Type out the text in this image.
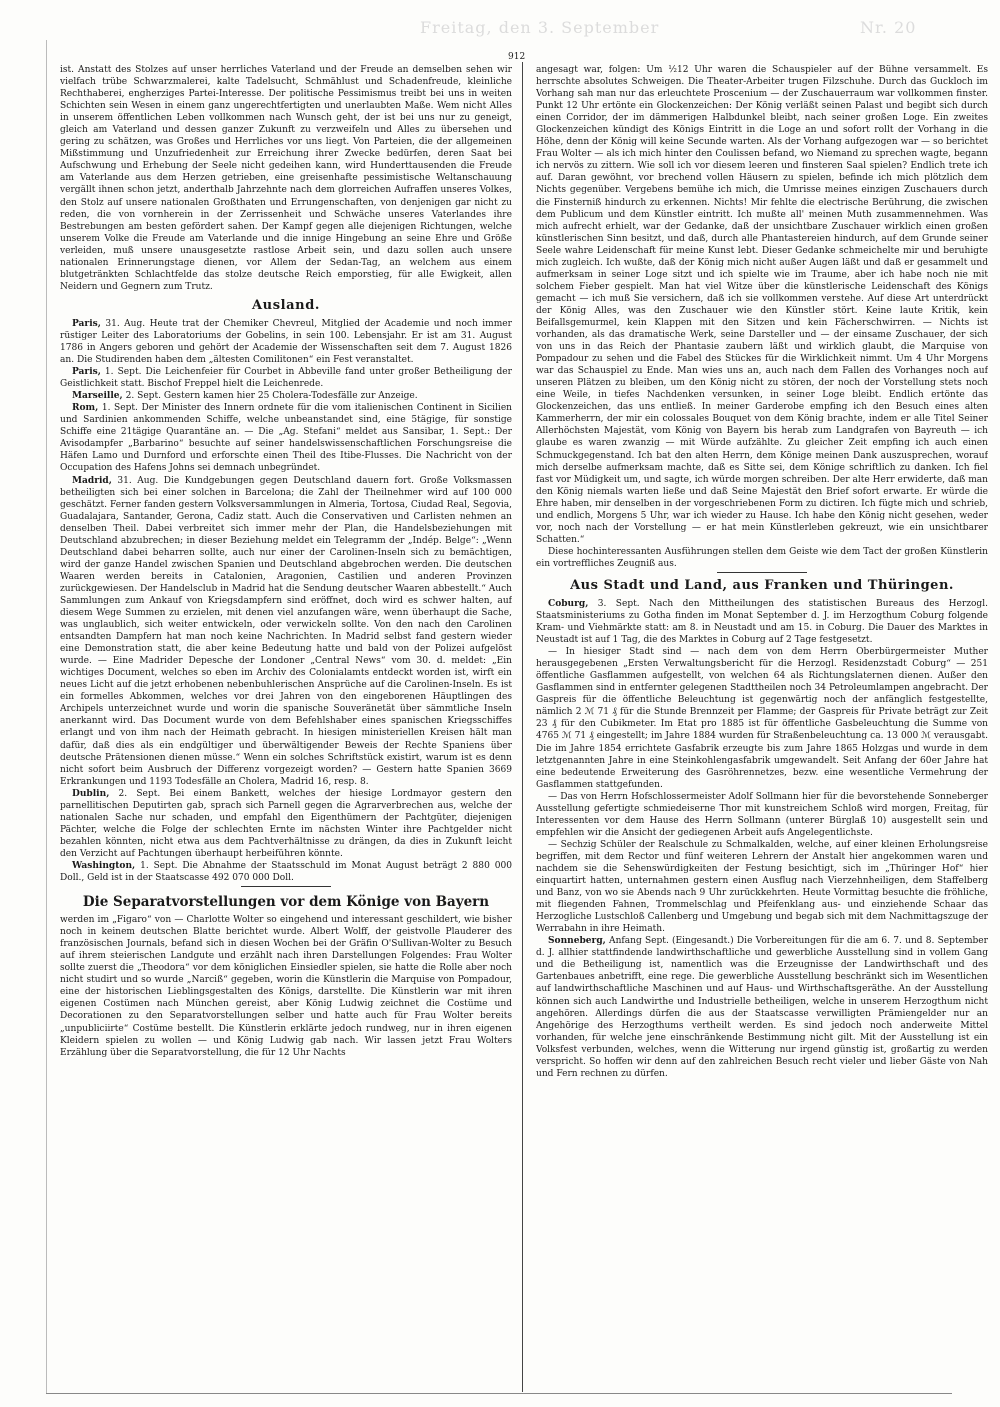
Freitag, den 3. September	Nr. 20
912

ist. Anstatt des Stolzes auf unser herrliches Vaterland und der Freude an demselben sehen wir vielfach trübe Schwarzmalerei, kalte Tadelsucht, Schmählust und Schadenfreude, kleinliche Rechthaberei, engherziges Partei-Interesse. Der politische Pessimismus treibt bei uns in weiten Schichten sein Wesen in einem ganz ungerechtfertigten und unerlaubten Maße. Wem nicht Alles in unserem öffentlichen Leben vollkommen nach Wunsch geht, der ist bei uns nur zu geneigt, gleich am Vaterland und dessen ganzer Zukunft zu verzweifeln und Alles zu übersehen und gering zu schätzen, was Großes und Herrliches vor uns liegt. Von Parteien, die der allgemeinen Mißstimmung und Unzufriedenheit zur Erreichung ihrer Zwecke bedürfen, deren Saat bei Aufschwung und Erhebung der Seele nicht gedeihen kann, wird Hunderttausenden die Freude am Vaterlande aus dem Herzen getrieben, eine greisenhafte pessimistische Weltanschauung vergällt ihnen schon jetzt, anderthalb Jahrzehnte nach dem glorreichen Aufraffen unseres Volkes, den Stolz auf unsere nationalen Großthaten und Errungenschaften, von denjenigen gar nicht zu reden, die von vornherein in der Zerrissenheit und Schwäche unseres Vaterlandes ihre Bestrebungen am besten gefördert sahen. Der Kampf gegen alle diejenigen Richtungen, welche unserem Volke die Freude am Vaterlande und die innige Hingebung an seine Ehre und Größe verleiden, muß unsere unausgesetzte rastlose Arbeit sein, und dazu sollen auch unsere nationalen Erinnerungstage dienen, vor Allem der Sedan-Tag, an welchem aus einem blutgetränkten Schlachtfelde das stolze deutsche Reich emporstieg, für alle Ewigkeit, allen Neidern und Gegnern zum Trutz.

Ausland.

Paris, 31. Aug. Heute trat der Chemiker Chevreul, Mitglied der Academie und noch immer rüstiger Leiter des Laboratoriums der Gobelins, in sein 100. Lebensjahr. Er ist am 31. August 1786 in Angers geboren und gehört der Academie der Wissenschaften seit dem 7. August 1826 an. Die Studirenden haben dem „ältesten Comilitonen“ ein Fest veranstaltet.

Paris, 1. Sept. Die Leichenfeier für Courbet in Abbeville fand unter großer Betheiligung der Geistlichkeit statt. Bischof Freppel hielt die Leichenrede.

Marseille, 2. Sept. Gestern kamen hier 25 Cholera-Todesfälle zur Anzeige.

Rom, 1. Sept. Der Minister des Innern ordnete für die vom italienischen Continent in Sicilien und Sardinien ankommenden Schiffe, welche unbeanstandet sind, eine 5tägige, für sonstige Schiffe eine 21tägige Quarantäne an. — Die „Ag. Stefani“ meldet aus Sansibar, 1. Sept.: Der Avisodampfer „Barbarino“ besuchte auf seiner handelswissenschaftlichen Forschungsreise die Häfen Lamo und Durnford und erforschte einen Theil des Itibe-Flusses. Die Nachricht von der Occupation des Hafens Johns sei demnach unbegründet.

Madrid, 31. Aug. Die Kundgebungen gegen Deutschland dauern fort. Große Volksmassen betheiligten sich bei einer solchen in Barcelona; die Zahl der Theilnehmer wird auf 100 000 geschätzt. Ferner fanden gestern Volksversammlungen in Almeria, Tortosa, Ciudad Real, Segovia, Guadalajara, Santander, Gerona, Cadiz statt. Auch die Conservativen und Carlisten nehmen an denselben Theil. Dabei verbreitet sich immer mehr der Plan, die Handelsbeziehungen mit Deutschland abzubrechen; in dieser Beziehung meldet ein Telegramm der „Indép. Belge“: „Wenn Deutschland dabei beharren sollte, auch nur einer der Carolinen-Inseln sich zu bemächtigen, wird der ganze Handel zwischen Spanien und Deutschland abgebrochen werden. Die deutschen Waaren werden bereits in Catalonien, Aragonien, Castilien und anderen Provinzen zurückgewiesen. Der Handelsclub in Madrid hat die Sendung deutscher Waaren abbestellt.“ Auch Sammlungen zum Ankauf von Kriegsdampfern sind eröffnet, doch wird es schwer halten, auf diesem Wege Summen zu erzielen, mit denen viel anzufangen wäre, wenn überhaupt die Sache, was unglaublich, sich weiter entwickeln, oder verwickeln sollte. Von den nach den Carolinen entsandten Dampfern hat man noch keine Nachrichten. In Madrid selbst fand gestern wieder eine Demonstration statt, die aber keine Bedeutung hatte und bald von der Polizei aufgelöst wurde. — Eine Madrider Depesche der Londoner „Central News“ vom 30. d. meldet: „Ein wichtiges Document, welches so eben im Archiv des Colonialamts entdeckt worden ist, wirft ein neues Licht auf die jetzt erhobenen nebenbuhlerischen Ansprüche auf die Carolinen-Inseln. Es ist ein formelles Abkommen, welches vor drei Jahren von den eingeborenen Häuptlingen des Archipels unterzeichnet wurde und worin die spanische Souveränetät über sämmtliche Inseln anerkannt wird. Das Document wurde von dem Befehlshaber eines spanischen Kriegsschiffes erlangt und von ihm nach der Heimath gebracht. In hiesigen ministeriellen Kreisen hält man dafür, daß dies als ein endgültiger und überwältigender Beweis der Rechte Spaniens über deutsche Prätensionen dienen müsse.“ Wenn ein solches Schriftstück existirt, warum ist es denn nicht sofort beim Ausbruch der Differenz vorgezeigt worden? — Gestern hatte Spanien 3669 Erkrankungen und 1193 Todesfälle an Cholera, Madrid 16, resp. 8.

Dublin, 2. Sept. Bei einem Bankett, welches der hiesige Lordmayor gestern den parnellitischen Deputirten gab, sprach sich Parnell gegen die Agrarverbrechen aus, welche der nationalen Sache nur schaden, und empfahl den Eigenthümern der Pachtgüter, diejenigen Pächter, welche die Folge der schlechten Ernte im nächsten Winter ihre Pachtgelder nicht bezahlen könnten, nicht etwa aus dem Pachtverhältnisse zu drängen, da dies in Zukunft leicht den Verzicht auf Pachtungen überhaupt herbeiführen könnte.

Washington, 1. Sept. Die Abnahme der Staatsschuld im Monat August beträgt 2 880 000 Doll., Geld ist in der Staatscasse 492 070 000 Doll.

Die Separatvorstellungen vor dem Könige von Bayern

werden im „Figaro“ von — Charlotte Wolter so eingehend und interessant geschildert, wie bisher noch in keinem deutschen Blatte berichtet wurde. Albert Wolff, der geistvolle Plauderer des französischen Journals, befand sich in diesen Wochen bei der Gräfin O'Sullivan-Wolter zu Besuch auf ihrem steierischen Landgute und erzählt nach ihren Darstellungen Folgendes: Frau Wolter sollte zuerst die „Theodora“ vor dem königlichen Einsiedler spielen, sie hatte die Rolle aber noch nicht studirt und so wurde „Narciß“ gegeben, worin die Künstlerin die Marquise von Pompadour, eine der historischen Lieblingsgestalten des Königs, darstellte. Die Künstlerin war mit ihren eigenen Costümen nach München gereist, aber König Ludwig zeichnet die Costüme und Decorationen zu den Separatvorstellungen selber und hatte auch für Frau Wolter bereits „unpubliciirte“ Costüme bestellt. Die Künstlerin erklärte jedoch rundweg, nur in ihren eigenen Kleidern spielen zu wollen — und König Ludwig gab nach. Wir lassen jetzt Frau Wolters Erzählung über die Separatvorstellung, die für 12 Uhr Nachts

angesagt war, folgen: Um ½12 Uhr waren die Schauspieler auf der Bühne versammelt. Es herrschte absolutes Schweigen. Die Theater-Arbeiter trugen Filzschuhe. Durch das Guckloch im Vorhang sah man nur das erleuchtete Proscenium — der Zuschauerraum war vollkommen finster. Punkt 12 Uhr ertönte ein Glockenzeichen: Der König verläßt seinen Palast und begibt sich durch einen Corridor, der im dämmerigen Halbdunkel bleibt, nach seiner großen Loge. Ein zweites Glockenzeichen kündigt des Königs Eintritt in die Loge an und sofort rollt der Vorhang in die Höhe, denn der König will keine Secunde warten. Als der Vorhang aufgezogen war — so berichtet Frau Wolter — als ich mich hinter den Coulissen befand, wo Niemand zu sprechen wagte, begann ich nervös zu zittern. Wie soll ich vor diesem leeren und finsteren Saal spielen? Endlich trete ich auf. Daran gewöhnt, vor brechend vollen Häusern zu spielen, befinde ich mich plötzlich dem Nichts gegenüber. Vergebens bemühe ich mich, die Umrisse meines einzigen Zuschauers durch die Finsterniß hindurch zu erkennen. Nichts! Mir fehlte die electrische Berührung, die zwischen dem Publicum und dem Künstler eintritt. Ich mußte all' meinen Muth zusammennehmen. Was mich aufrecht erhielt, war der Gedanke, daß der unsichtbare Zuschauer wirklich einen großen künstlerischen Sinn besitzt, und daß, durch alle Phantastereien hindurch, auf dem Grunde seiner Seele wahre Leidenschaft für meine Kunst lebt. Dieser Gedanke schmeichelte mir und beruhigte mich zugleich. Ich wußte, daß der König mich nicht außer Augen läßt und daß er gesammelt und aufmerksam in seiner Loge sitzt und ich spielte wie im Traume, aber ich habe noch nie mit solchem Fieber gespielt. Man hat viel Witze über die künstlerische Leidenschaft des Königs gemacht — ich muß Sie versichern, daß ich sie vollkommen verstehe. Auf diese Art unterdrückt der König Alles, was den Zuschauer wie den Künstler stört. Keine laute Kritik, kein Beifallsgemurmel, kein Klappen mit den Sitzen und kein Fächerschwirren. — Nichts ist vorhanden, als das dramatische Werk, seine Darsteller und — der einsame Zuschauer, der sich von uns in das Reich der Phantasie zaubern läßt und wirklich glaubt, die Marquise von Pompadour zu sehen und die Fabel des Stückes für die Wirklichkeit nimmt. Um 4 Uhr Morgens war das Schauspiel zu Ende. Man wies uns an, auch nach dem Fallen des Vorhanges noch auf unseren Plätzen zu bleiben, um den König nicht zu stören, der noch der Vorstellung stets noch eine Weile, in tiefes Nachdenken versunken, in seiner Loge bleibt. Endlich ertönte das Glockenzeichen, das uns entließ. In meiner Garderobe empfing ich den Besuch eines alten Kammerherrn, der mir ein colossales Bouquet von dem König brachte, indem er alle Titel Seiner Allerhöchsten Majestät, vom König von Bayern bis herab zum Landgrafen von Bayreuth — ich glaube es waren zwanzig — mit Würde aufzählte. Zu gleicher Zeit empfing ich auch einen Schmuckgegenstand. Ich bat den alten Herrn, dem Könige meinen Dank auszusprechen, worauf mich derselbe aufmerksam machte, daß es Sitte sei, dem Könige schriftlich zu danken. Ich fiel fast vor Müdigkeit um, und sagte, ich würde morgen schreiben. Der alte Herr erwiderte, daß man den König niemals warten ließe und daß Seine Majestät den Brief sofort erwarte. Er würde die Ehre haben, mir denselben in der vorgeschriebenen Form zu dictiren. Ich fügte mich und schrieb, und endlich, Morgens 5 Uhr, war ich wieder zu Hause. Ich habe den König nicht gesehen, weder vor, noch nach der Vorstellung — er hat mein Künstlerleben gekreuzt, wie ein unsichtbarer Schatten.“

Diese hochinteressanten Ausführungen stellen dem Geiste wie dem Tact der großen Künstlerin ein vortreffliches Zeugniß aus.

Aus Stadt und Land, aus Franken und Thüringen.

Coburg, 3. Sept. Nach den Mittheilungen des statistischen Bureaus des Herzogl. Staatsministeriums zu Gotha finden im Monat September d. J. im Herzogthum Coburg folgende Kram- und Viehmärkte statt: am 8. in Neustadt und am 15. in Coburg. Die Dauer des Marktes in Neustadt ist auf 1 Tag, die des Marktes in Coburg auf 2 Tage festgesetzt.

— In hiesiger Stadt sind — nach dem von dem Herrn Oberbürgermeister Muther herausgegebenen „Ersten Verwaltungsbericht für die Herzogl. Residenzstadt Coburg“ — 251 öffentliche Gasflammen aufgestellt, von welchen 64 als Richtungslaternen dienen. Außer den Gasflammen sind in entfernter gelegenen Stadttheilen noch 34 Petroleumlampen angebracht. Der Gaspreis für die öffentliche Beleuchtung ist gegenwärtig noch der anfänglich festgestellte, nämlich 2 ℳ 71 ₰ für die Stunde Brennzeit per Flamme; der Gaspreis für Private beträgt zur Zeit 23 ₰ für den Cubikmeter. Im Etat pro 1885 ist für öffentliche Gasbeleuchtung die Summe von 4765 ℳ 71 ₰ eingestellt; im Jahre 1884 wurden für Straßenbeleuchtung ca. 13 000 ℳ verausgabt. Die im Jahre 1854 errichtete Gasfabrik erzeugte bis zum Jahre 1865 Holzgas und wurde in dem letztgenannten Jahre in eine Steinkohlengasfabrik umgewandelt. Seit Anfang der 60er Jahre hat eine bedeutende Erweiterung des Gasröhrennetzes, bezw. eine wesentliche Vermehrung der Gasflammen stattgefunden.

— Das von Herrn Hofschlossermeister Adolf Sollmann hier für die bevorstehende Sonneberger Ausstellung gefertigte schmiedeiserne Thor mit kunstreichem Schloß wird morgen, Freitag, für Interessenten vor dem Hause des Herrn Sollmann (unterer Bürglaß 10) ausgestellt sein und empfehlen wir die Ansicht der gediegenen Arbeit aufs Angelegentlichste.

— Sechzig Schüler der Realschule zu Schmalkalden, welche, auf einer kleinen Erholungsreise begriffen, mit dem Rector und fünf weiteren Lehrern der Anstalt hier angekommen waren und nachdem sie die Sehenswürdigkeiten der Festung besichtigt, sich im „Thüringer Hof“ hier einquartirt hatten, unternahmen gestern einen Ausflug nach Vierzehnheiligen, dem Staffelberg und Banz, von wo sie Abends nach 9 Uhr zurückkehrten. Heute Vormittag besuchte die fröhliche, mit fliegenden Fahnen, Trommelschlag und Pfeifenklang aus- und einziehende Schaar das Herzogliche Lustschloß Callenberg und Umgebung und begab sich mit dem Nachmittagszuge der Werrabahn in ihre Heimath.

Sonneberg, Anfang Sept. (Eingesandt.) Die Vorbereitungen für die am 6. 7. und 8. September d. J. allhier stattfindende landwirthschaftliche und gewerbliche Ausstellung sind in vollem Gang und die Betheiligung ist, namentlich was die Erzeugnisse der Landwirthschaft und des Gartenbaues anbetrifft, eine rege. Die gewerbliche Ausstellung beschränkt sich im Wesentlichen auf landwirthschaftliche Maschinen und auf Haus- und Wirthschaftsgeräthe. An der Ausstellung können sich auch Landwirthe und Industrielle betheiligen, welche in unserem Herzogthum nicht angehören. Allerdings dürfen die aus der Staatscasse verwilligten Prämiengelder nur an Angehörige des Herzogthums vertheilt werden. Es sind jedoch noch anderweite Mittel vorhanden, für welche jene einschränkende Bestimmung nicht gilt. Mit der Ausstellung ist ein Volksfest verbunden, welches, wenn die Witterung nur irgend günstig ist, großartig zu werden verspricht. So hoffen wir denn auf den zahlreichen Besuch recht vieler und lieber Gäste von Nah und Fern rechnen zu dürfen.
